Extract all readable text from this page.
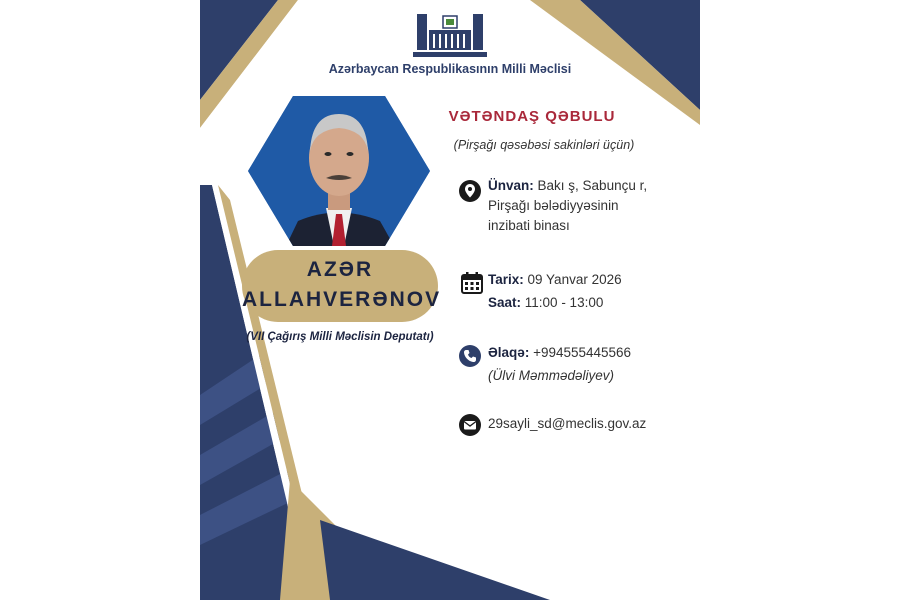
Azərbaycan Respublikasının Milli Məclisi
AZƏR
ALLAHVERƏNOV
(VII Çağırış Milli Məclisin Deputatı)
VƏTƏNDAŞ QƏBULU
(Pirşağı qəsəbəsi sakinləri üçün)
Ünvan: Bakı ş, Sabunçu r,
Pirşağı bələdiyyəsinin
inzibati binası
Tarix: 09 Yanvar 2026
Saat: 11:00 - 13:00
Əlaqə: +994555445566
(Ülvi Məmmədəliyev)
29sayli_sd@meclis.gov.az
